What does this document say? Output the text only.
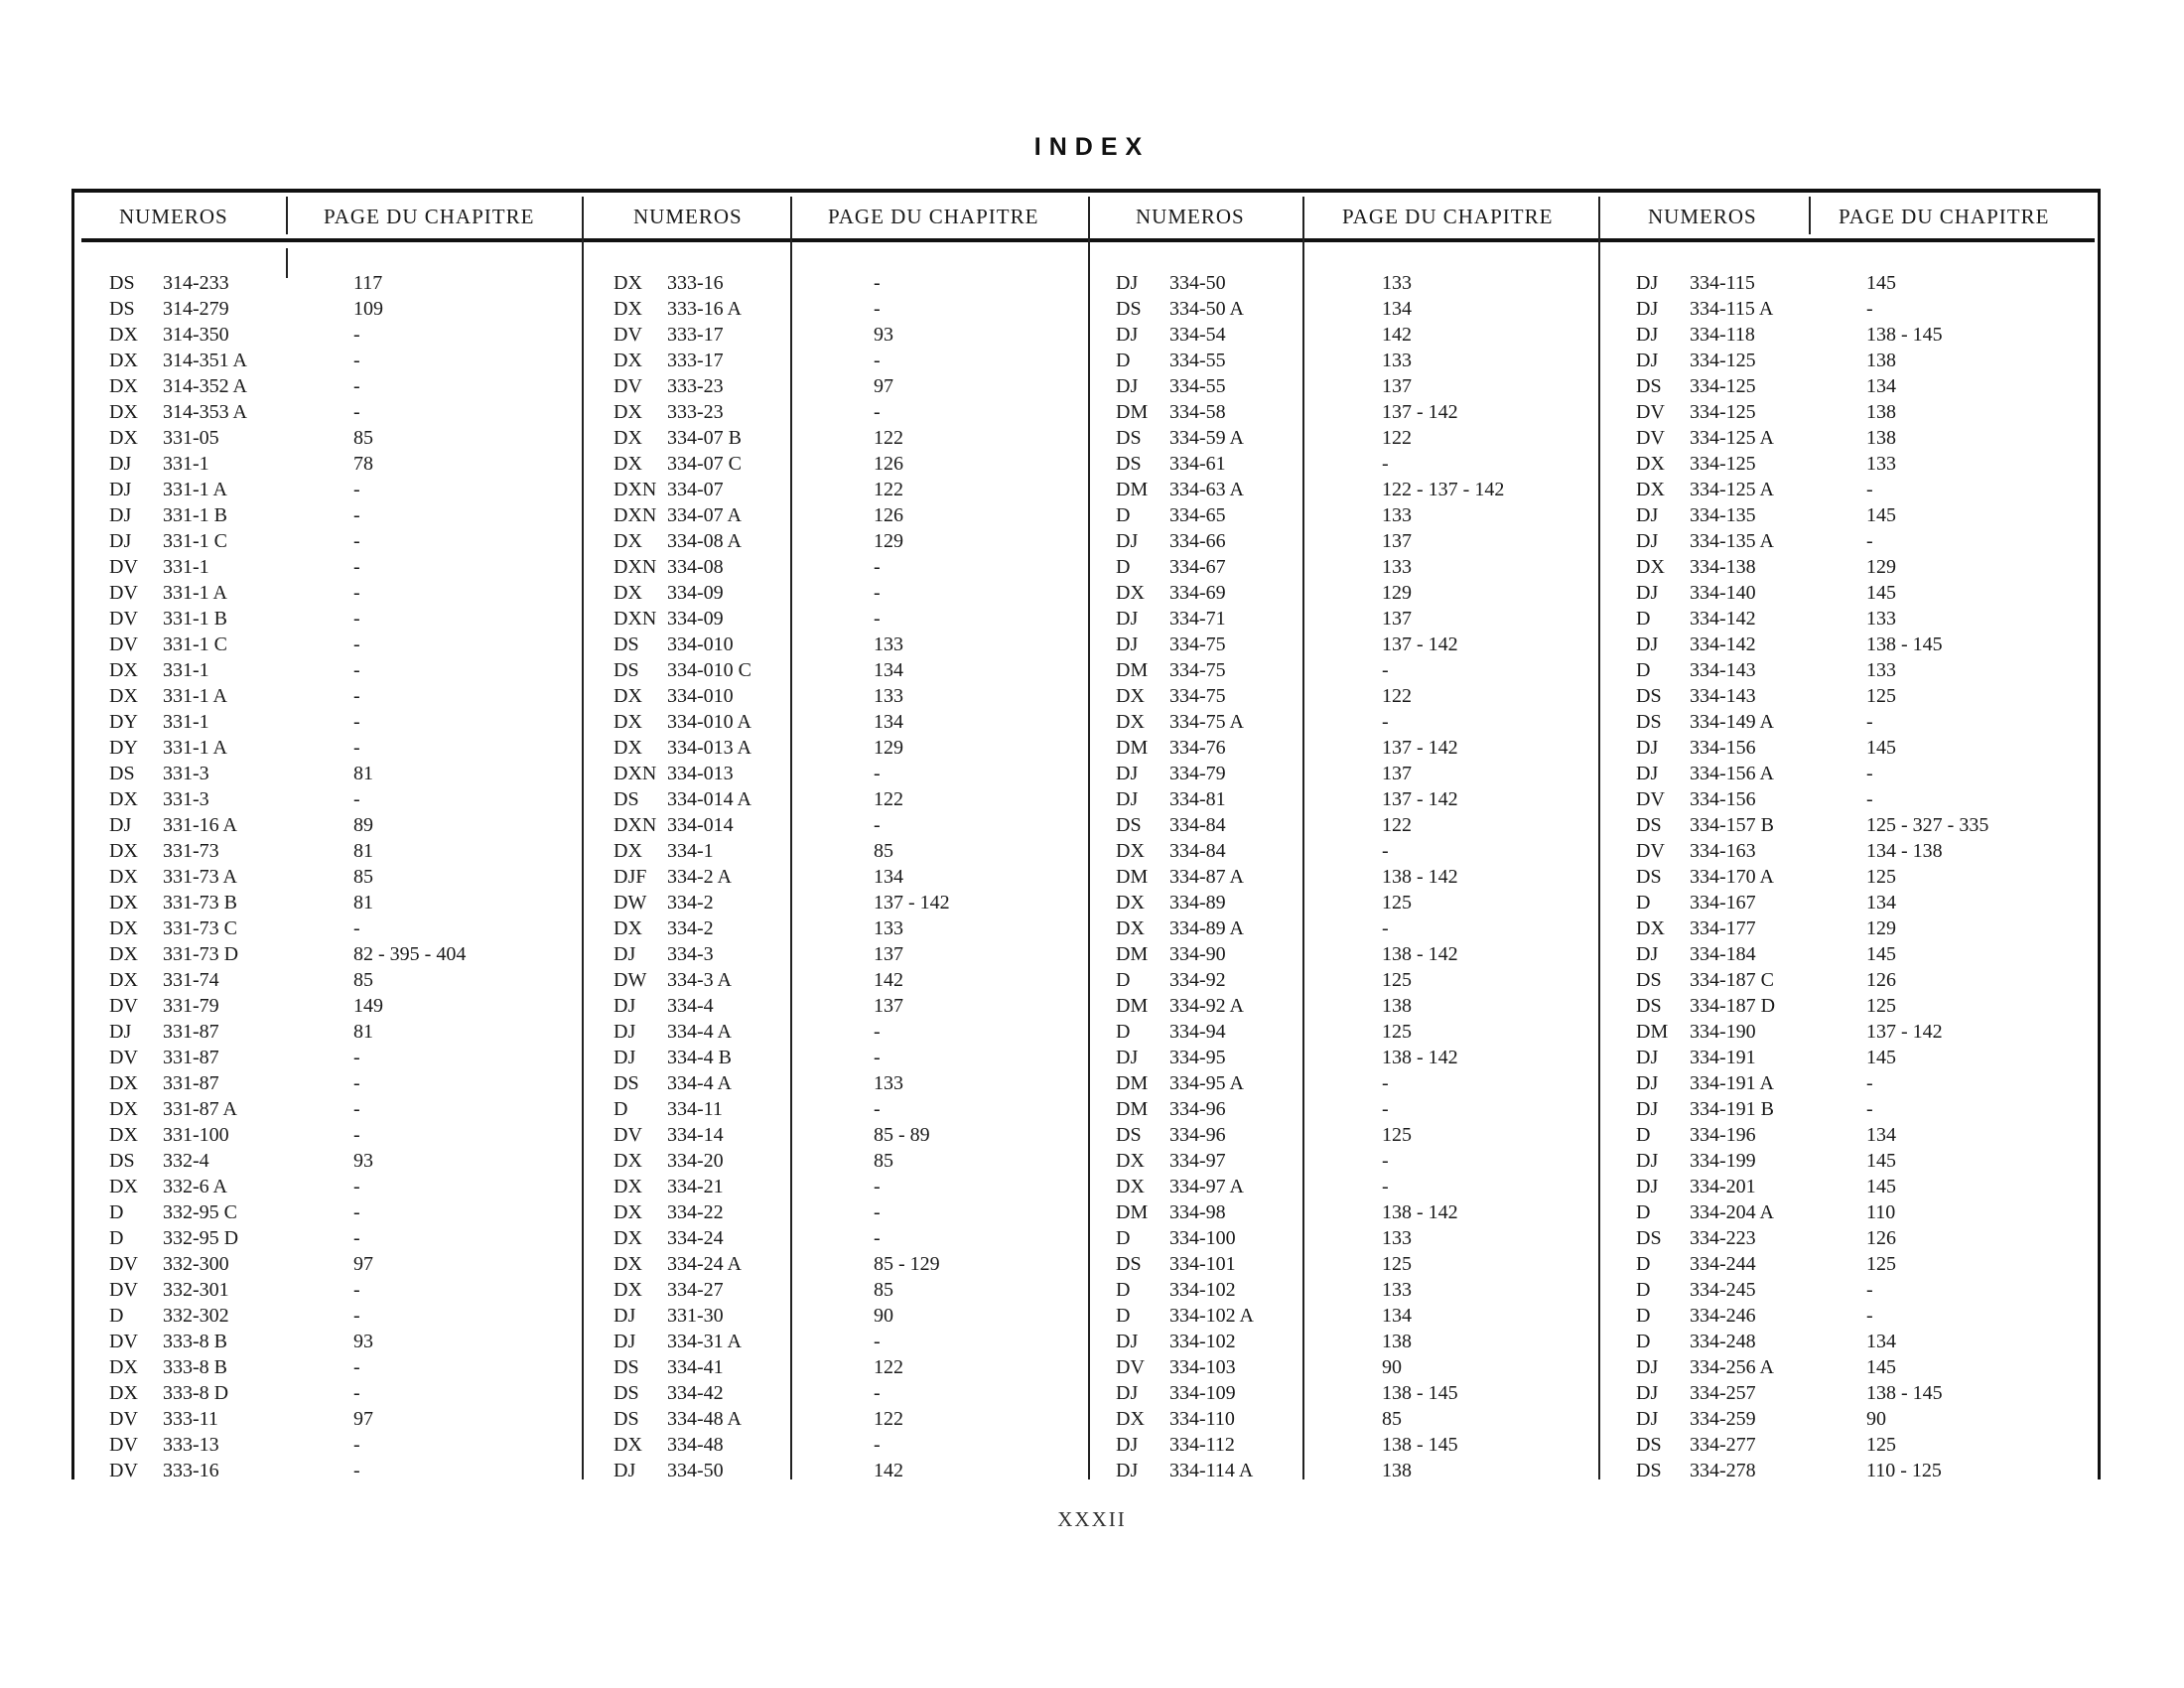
INDEX
NUMEROS	PAGE DU CHAPITRE
DS	314-233	117
DS	314-279	109
DX	314-350	-
DX	314-351 A	-
DX	314-352 A	-
DX	314-353 A	-
DX	331-05	85
DJ	331-1	78
DJ	331-1 A	-
DJ	331-1 B	-
DJ	331-1 C	-
DV	331-1	-
DV	331-1 A	-
DV	331-1 B	-
DV	331-1 C	-
DX	331-1	-
DX	331-1 A	-
DY	331-1	-
DY	331-1 A	-
DS	331-3	81
DX	331-3	-
DJ	331-16 A	89
DX	331-73	81
DX	331-73 A	85
DX	331-73 B	81
DX	331-73 C	-
DX	331-73 D	82 - 395 - 404
DX	331-74	85
DV	331-79	149
DJ	331-87	81
DV	331-87	-
DX	331-87	-
DX	331-87 A	-
DX	331-100	-
DS	332-4	93
DX	332-6 A	-
D	332-95 C	-
D	332-95 D	-
DV	332-300	97
DV	332-301	-
D	332-302	-
DV	333-8 B	93
DX	333-8 B	-
DX	333-8 D	-
DV	333-11	97
DV	333-13	-
DV	333-16	-
NUMEROS	PAGE DU CHAPITRE
DX	333-16	-
DX	333-16 A	-
DV	333-17	93
DX	333-17	-
DV	333-23	97
DX	333-23	-
DX	334-07 B	122
DX	334-07 C	126
DXN 334-07	122
DXN 334-07 A	126
DX	334-08 A	129
DXN 334-08	-
DX	334-09	-
DXN 334-09	-
DS	334-010	133
DS	334-010 C	134
DX	334-010	133
DX	334-010 A	134
DX	334-013 A	129
DXN 334-013	-
DS	334-014 A	122
DXN 334-014	-
DX	334-1	85
DJF	334-2 A	134
DW	334-2	137 - 142
DX	334-2	133
DJ	334-3	137
DW	334-3 A	142
DJ	334-4	137
DJ	334-4 A	-
DJ	334-4 B	-
DS	334-4 A	133
D	334-11	-
DV	334-14	85 - 89
DX	334-20	85
DX	334-21	-
DX	334-22	-
DX	334-24	-
DX	334-24 A	85 - 129
DX	334-27	85
DJ	331-30	90
DJ	334-31 A	-
DS	334-41	122
DS	334-42	-
DS	334-48 A	122
DX	334-48	-
DJ	334-50	142
NUMEROS	PAGE DU CHAPITRE
DJ	334-50	133
DS	334-50 A	134
DJ	334-54	142
D	334-55	133
DJ	334-55	137
DM	334-58	137 - 142
DS	334-59 A	122
DS	334-61	-
DM	334-63 A	122 - 137 - 142
D	334-65	133
DJ	334-66	137
D	334-67	133
DX	334-69	129
DJ	334-71	137
DJ	334-75	137 - 142
DM	334-75	-
DX	334-75	122
DX	334-75 A	-
DM	334-76	137 - 142
DJ	334-79	137
DJ	334-81	137 - 142
DS	334-84	122
DX	334-84	-
DM	334-87 A	138 - 142
DX	334-89	125
DX	334-89 A	-
DM	334-90	138 - 142
D	334-92	125
DM	334-92 A	138
D	334-94	125
DJ	334-95	138 - 142
DM	334-95 A	-
DM	334-96	-
DS	334-96	125
DX	334-97	-
DX	334-97 A	-
DM	334-98	138 - 142
D	334-100	133
DS	334-101	125
D	334-102	133
D	334-102 A	134
DJ	334-102	138
DV	334-103	90
DJ	334-109	138 - 145
DX	334-110	85
DJ	334-112	138 - 145
DJ	334-114 A	138
NUMEROS	PAGE DU CHAPITRE
DJ	334-115	145
DJ	334-115 A	-
DJ	334-118	138 - 145
DJ	334-125	138
DS	334-125	134
DV	334-125	138
DV	334-125 A	138
DX	334-125	133
DX	334-125 A	-
DJ	334-135	145
DJ	334-135 A	-
DX	334-138	129
DJ	334-140	145
D	334-142	133
DJ	334-142	138 - 145
D	334-143	133
DS	334-143	125
DS	334-149 A	-
DJ	334-156	145
DJ	334-156 A	-
DV	334-156	-
DS	334-157 B	125 - 327 - 335
DV	334-163	134 - 138
DS	334-170 A	125
D	334-167	134
DX	334-177	129
DJ	334-184	145
DS	334-187 C	126
DS	334-187 D	125
DM	334-190	137 - 142
DJ	334-191	145
DJ	334-191 A	-
DJ	334-191 B	-
D	334-196	134
DJ	334-199	145
DJ	334-201	145
D	334-204 A	110
DS	334-223	126
D	334-244	125
D	334-245	-
D	334-246	-
D	334-248	134
DJ	334-256 A	145
DJ	334-257	138 - 145
DJ	334-259	90
DS	334-277	125
DS	334-278	110 - 125
XXXII
